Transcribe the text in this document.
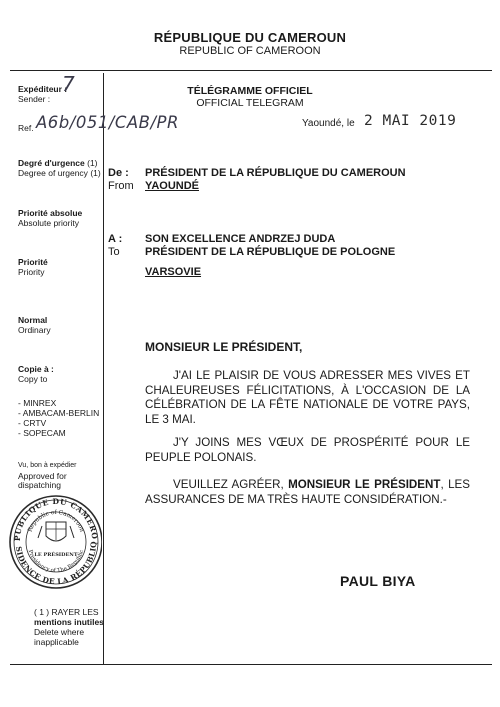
RÉPUBLIQUE DU CAMEROUN
REPUBLIC OF CAMEROON
Expéditeur :
Sender :
7
Ref. A6b/051/CAB/PR
TÉLÉGRAMME OFFICIEL
OFFICIAL TELEGRAM
Yaoundé, le 2 MAI 2019
Degré d'urgence (1)
Degree of urgency (1)
Priorité absolue
Absolute priority
Priorité
Priority
Normal
Ordinary
Copie à :
Copy to
- MINREX
- AMBACAM-BERLIN
- CRTV
- SOPECAM
Vu, bon à expédier
Approved for
dispatching
PUBLIQUE DU CAMERO
SIDENCE DE LA RÉPUBLIQ
Republic of Cameroon
Presidency of The Republic
LE PRÉSIDENT
( 1 ) RAYER LES
mentions inutiles
Delete where
inapplicable
De :
From
PRÉSIDENT DE LA RÉPUBLIQUE DU CAMEROUN
YAOUNDÉ
A :
To
SON EXCELLENCE ANDRZEJ DUDA
PRÉSIDENT DE LA RÉPUBLIQUE DE POLOGNE
VARSOVIE
MONSIEUR LE PRÉSIDENT,
J'AI LE PLAISIR DE VOUS ADRESSER MES VIVES ET CHALEUREUSES FÉLICITATIONS, À L'OCCASION DE LA CÉLÉBRATION DE LA FÊTE NATIONALE DE VOTRE PAYS, LE 3 MAI.
J'Y JOINS MES VŒUX DE PROSPÉRITÉ POUR LE PEUPLE POLONAIS.
VEUILLEZ AGRÉER, MONSIEUR LE PRÉSIDENT, LES ASSURANCES DE MA TRÈS HAUTE CONSIDÉRATION.-
PAUL BIYA
